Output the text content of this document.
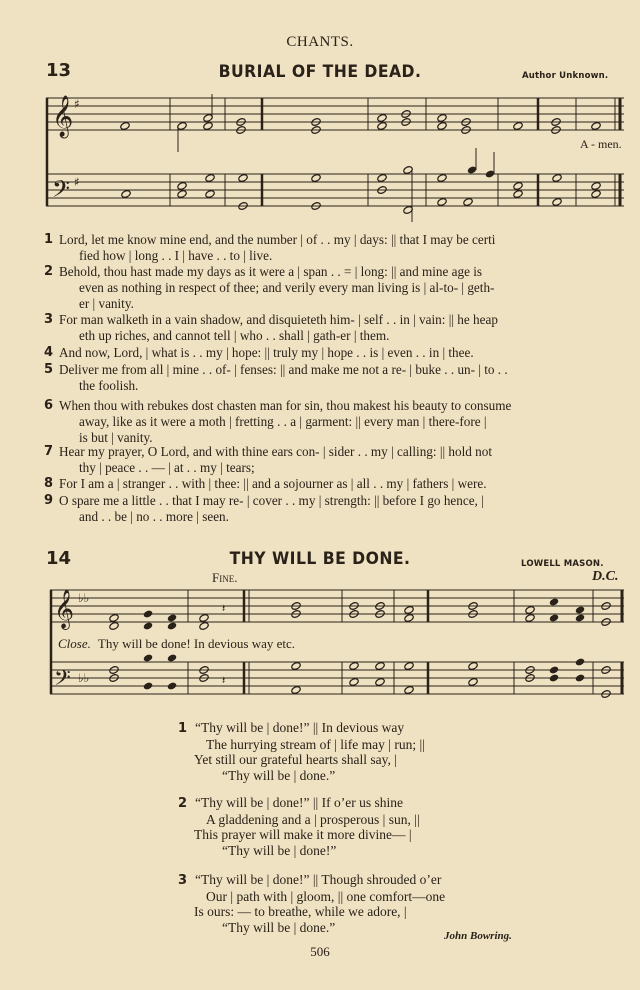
CHANTS.
13	BURIAL OF THE DEAD.	Author Unknown.
𝄞
𝄢
♯
♯
A - men.
1 Lord, let me know mine end, and the number | of . . my | days: || that I may be certi
fied how | long . . I | have . . to | live.
2 Behold, thou hast made my days as it were a | span . . = | long: || and mine age is
even as nothing in respect of thee; and verily every man living is | al-to- | geth-
er | vanity.
3 For man walketh in a vain shadow, and disquieteth him- | self . . in | vain: || he heap
eth up riches, and cannot tell | who . . shall | gath-er | them.
4 And now, Lord, | what is . . my | hope: || truly my | hope . . is | even . . in | thee.
5 Deliver me from all | mine . . of- | fenses: || and make me not a re- | buke . . un- | to . .
the foolish.
6 When thou with rebukes dost chasten man for sin, thou makest his beauty to consume
away, like as it were a moth | fretting . . a | garment: || every man | there-fore |
is but | vanity.
7 Hear my prayer, O Lord, and with thine ears con- | sider . . my | calling: || hold not
thy | peace . . — | at . . my | tears;
8 For I am a | stranger . . with | thee: || and a sojourner as | all . . my | fathers | were.
9 O spare me a little . . that I may re- | cover . . my | strength: || before I go hence, |
and . . be | no . . more | seen.
14	THY WILL BE DONE.	LOWELL MASON.
Fine.	D.C.
𝄞
𝄢
♭♭
♭♭
𝄽
𝄽
Close. Thy will be done! In devious way etc.
1 “Thy will be | done!” || In devious way
The hurrying stream of | life may | run; ||
Yet still our grateful hearts shall say, |
“Thy will be | done.”
2 “Thy will be | done!” || If o’er us shine
A gladdening and a | prosperous | sun, ||
This prayer will make it more divine— |
“Thy will be | done!”
3 “Thy will be | done!” || Though shrouded o’er
Our | path with | gloom, || one comfort—one
Is ours: — to breathe, while we adore, |
“Thy will be | done.”
John Bowring.
506
